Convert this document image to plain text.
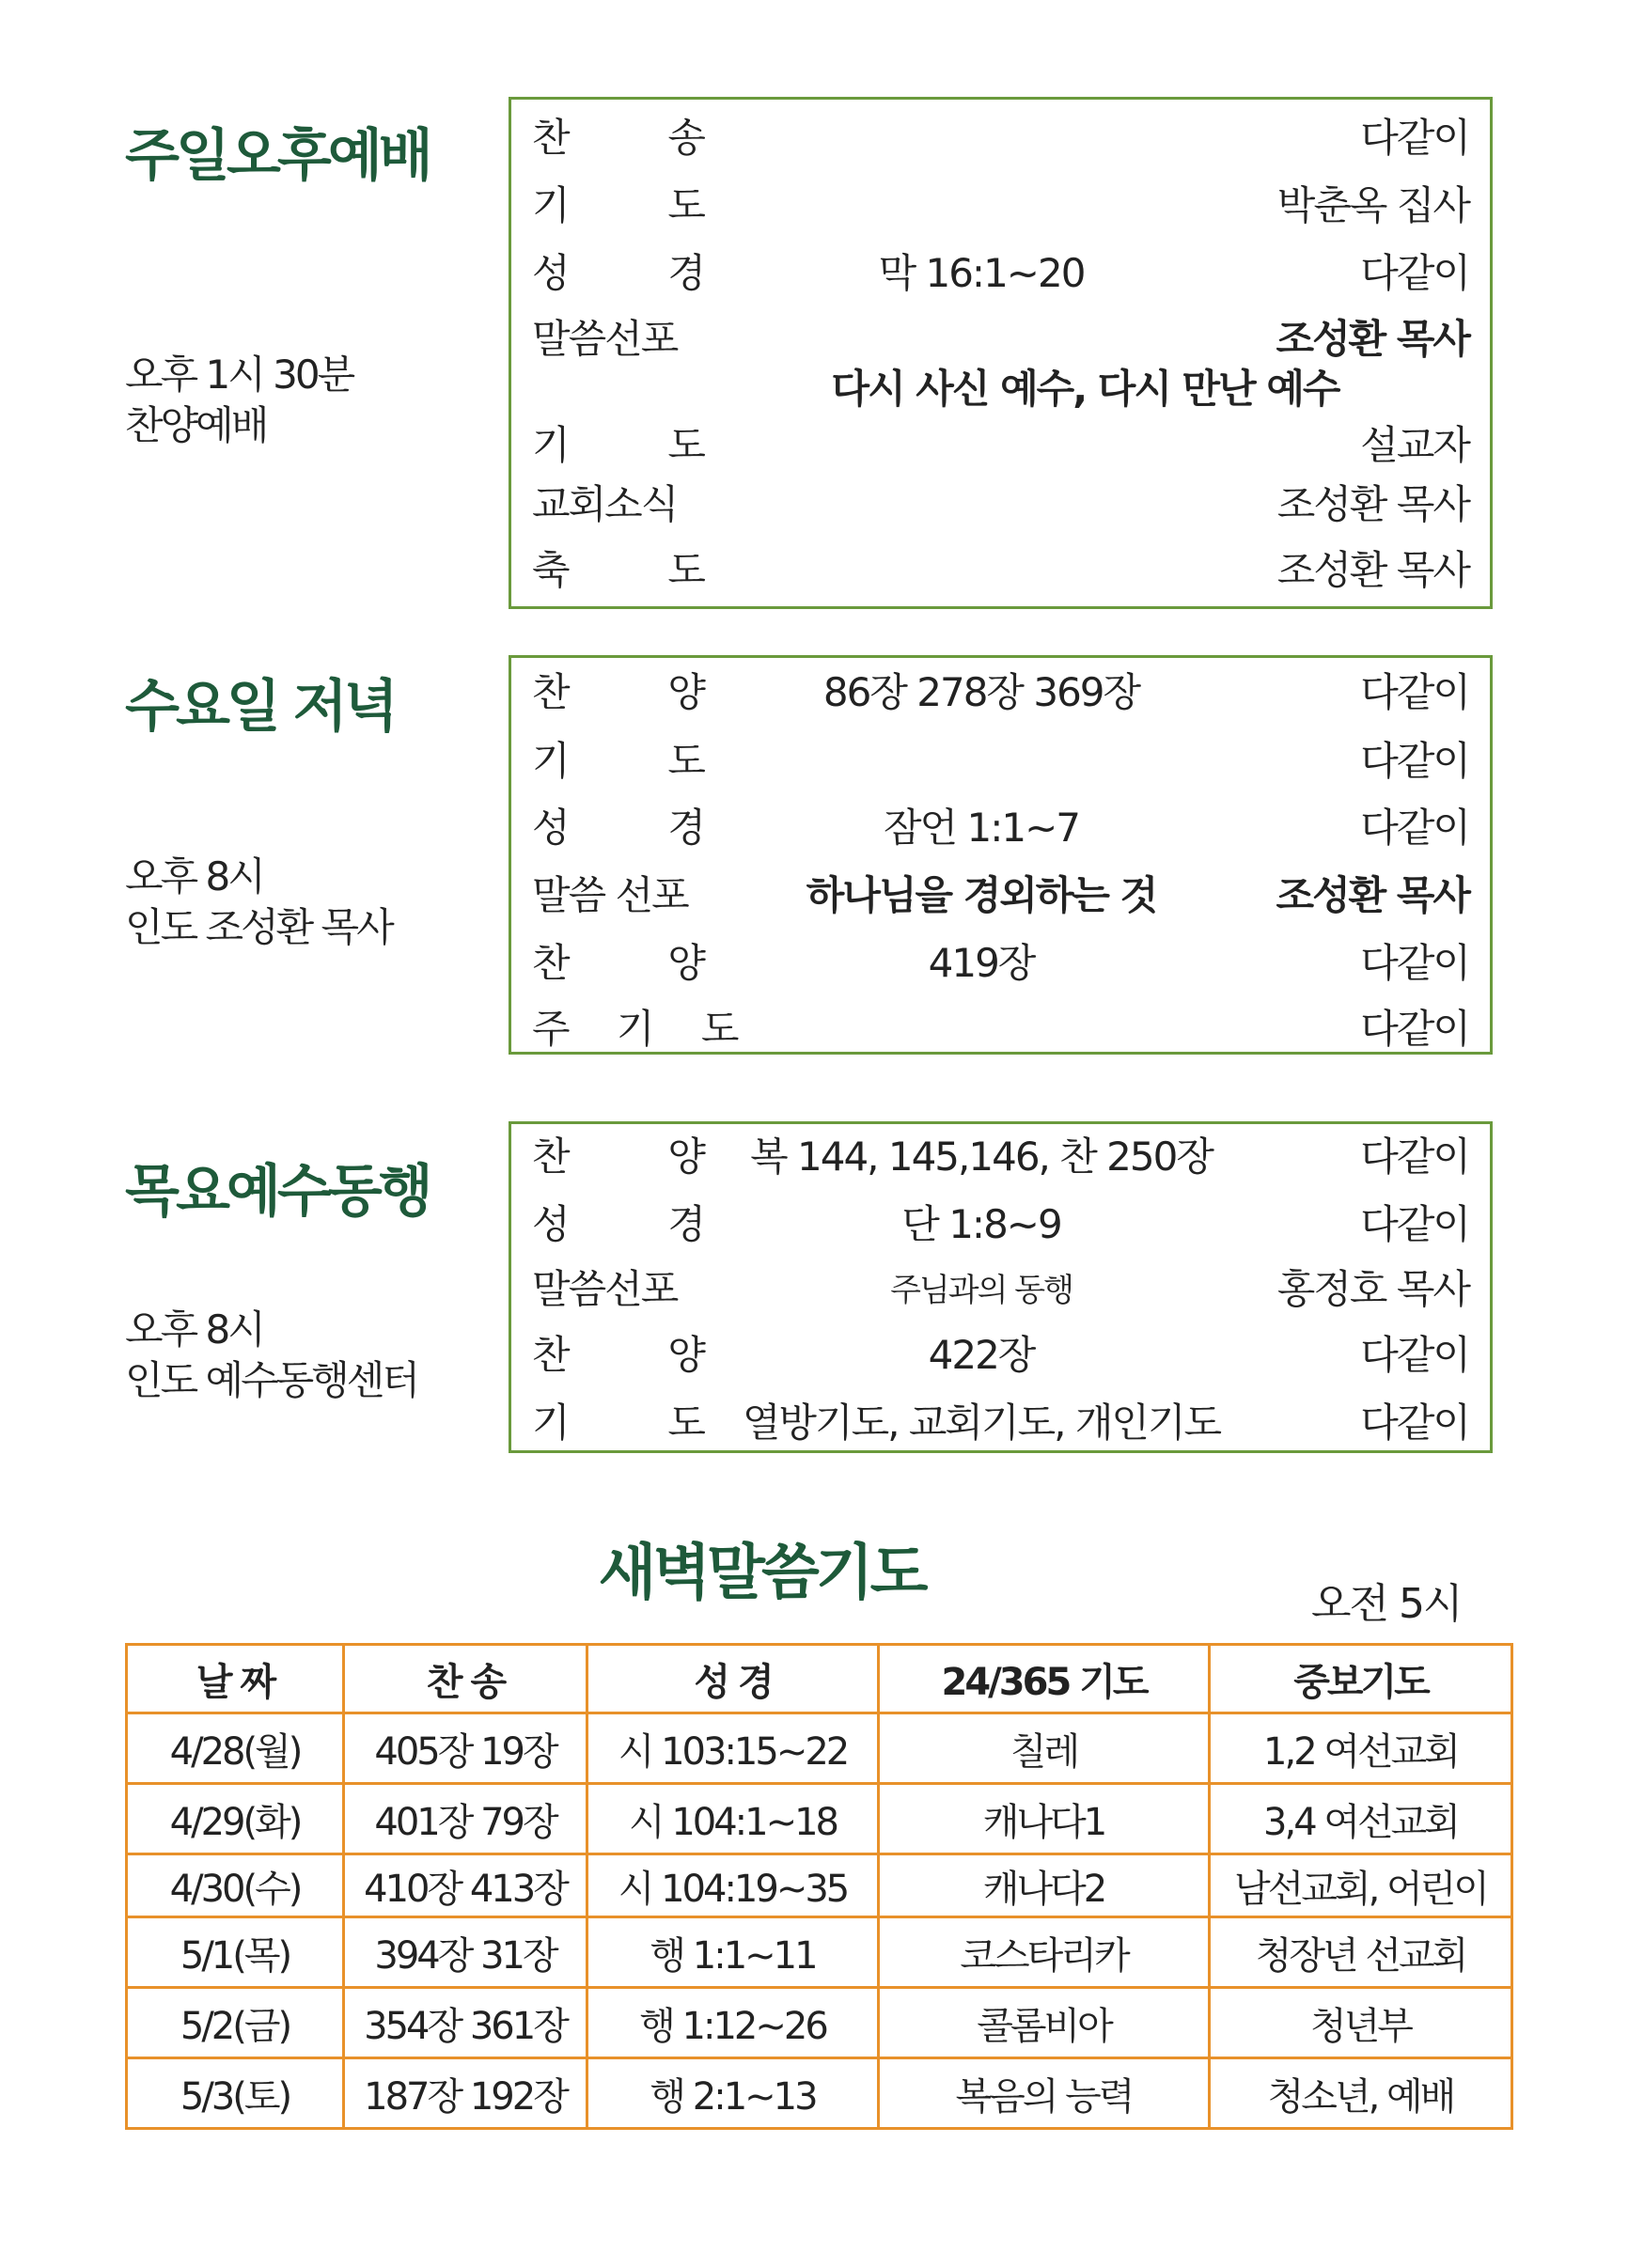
주일오후예배
오후 1시 30분
찬양예배
찬 송	다같이
기 도	박춘옥 집사
성 경	막 16:1~20	다같이
말씀선포	조성환 목사
다시 사신 예수, 다시 만난 예수
기 도	설교자
교회소식	조성환 목사
축 도	조성환 목사
수요일 저녁
오후 8시
인도 조성환 목사
찬 양	86장 278장 369장	다같이
기 도	다같이
성 경	잠언 1:1~7	다같이
말씀 선포	하나님을 경외하는 것	조성환 목사
찬 양	419장	다같이
주 기 도	다같이
목요예수동행
오후 8시
인도 예수동행센터
찬 양	복 144, 145,146, 찬 250장	다같이
성 경	단 1:8~9	다같이
말씀선포	주님과의 동행	홍정호 목사
찬 양	422장	다같이
기 도 열방기도, 교회기도, 개인기도	다같이
새벽말씀기도	오전 5시
날 짜	찬 송	성 경	24/365 기도	중보기도
4/28(월)	405장 19장	시 103:15~22	칠레	1,2 여선교회
4/29(화)	401장 79장	시 104:1~18	캐나다1	3,4 여선교회
4/30(수)	410장 413장	시 104:19~35	캐나다2	남선교회, 어린이
5/1(목)	394장 31장	행 1:1~11	코스타리카	청장년 선교회
5/2(금)	354장 361장	행 1:12~26	콜롬비아	청년부
5/3(토)	187장 192장	행 2:1~13	복음의 능력	청소년, 예배
